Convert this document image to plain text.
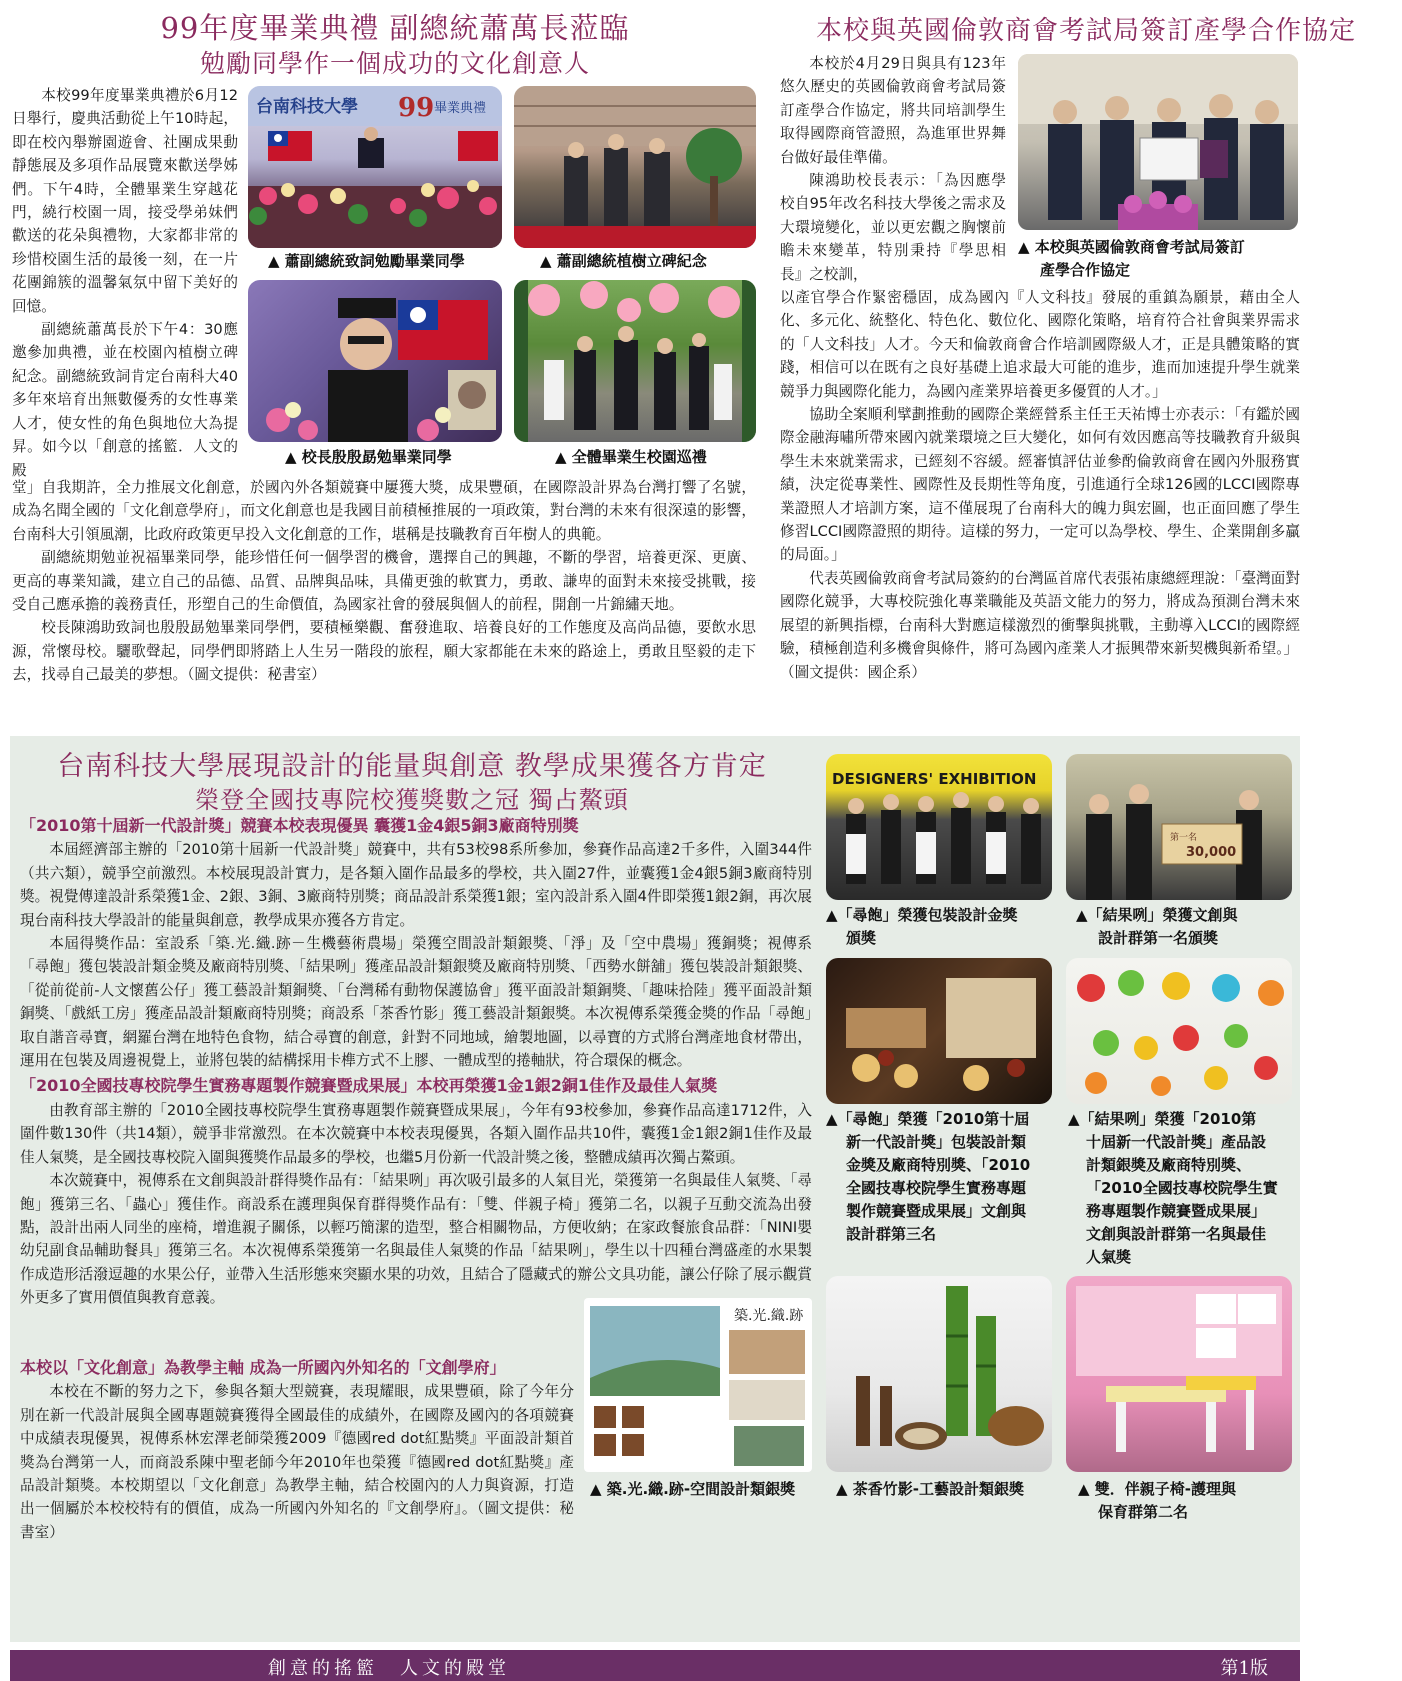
99年度畢業典禮 副總統蕭萬長蒞臨
勉勵同學作一個成功的文化創意人

本校99年度畢業典禮於6月12日舉行，慶典活動從上午10時起，即在校內舉辦園遊會、社團成果動靜態展及多項作品展覽來歡送學姊們。下午4時，全體畢業生穿越花門，繞行校園一周，接受學弟妹們歡送的花朵與禮物，大家都非常的珍惜校園生活的最後一刻，在一片花團錦簇的溫馨氣氛中留下美好的回憶。

副總統蕭萬長於下午4：30應邀參加典禮，並在校園內植樹立碑紀念。副總統致詞肯定台南科大40多年來培育出無數優秀的女性專業人才，使女性的角色與地位大為提昇。如今以「創意的搖籃．人文的殿

台南科技大學 99 畢業典禮
▲ 蕭副總統致詞勉勵畢業同學	▲ 蕭副總統植樹立碑紀念
▲ 校長殷殷勗勉畢業同學	▲ 全體畢業生校園巡禮

堂」自我期許，全力推展文化創意，於國內外各類競賽中屢獲大獎，成果豐碩，在國際設計界為台灣打響了名號，成為名聞全國的「文化創意學府」，而文化創意也是我國目前積極推展的一項政策，對台灣的未來有很深遠的影響，台南科大引領風潮，比政府政策更早投入文化創意的工作，堪稱是技職教育百年樹人的典範。

副總統期勉並祝福畢業同學，能珍惜任何一個學習的機會，選擇自己的興趣，不斷的學習，培養更深、更廣、更高的專業知識，建立自己的品德、品質、品牌與品味，具備更強的軟實力，勇敢、謙卑的面對未來接受挑戰，接受自己應承擔的義務責任，形塑自己的生命價值，為國家社會的發展與個人的前程，開創一片錦繡天地。

校長陳鴻助致詞也殷殷勗勉畢業同學們，要積極樂觀、奮發進取、培養良好的工作態度及高尚品德，要飲水思源，常懷母校。驪歌聲起，同學們即將踏上人生另一階段的旅程，願大家都能在未來的路途上，勇敢且堅毅的走下去，找尋自己最美的夢想。（圖文提供：秘書室）

本校與英國倫敦商會考試局簽訂產學合作協定

本校於4月29日與具有123年悠久歷史的英國倫敦商會考試局簽訂產學合作協定，將共同培訓學生取得國際商管證照，為進軍世界舞台做好最佳準備。

陳鴻助校長表示：「為因應學校自95年改名科技大學後之需求及大環境變化，並以更宏觀之胸懷前瞻未來變革，特別秉持『學思相長』之校訓，

▲ 本校與英國倫敦商會考試局簽訂
產學合作協定

以產官學合作緊密穩固，成為國內『人文科技』發展的重鎮為願景，藉由全人化、多元化、統整化、特色化、數位化、國際化策略，培育符合社會與業界需求的「人文科技」人才。今天和倫敦商會合作培訓國際級人才，正是具體策略的實踐，相信可以在既有之良好基礎上追求最大可能的進步，進而加速提升學生就業競爭力與國際化能力，為國內產業界培養更多優質的人才。」

協助全案順利擘劃推動的國際企業經營系主任王天祐博士亦表示：「有鑑於國際金融海嘯所帶來國內就業環境之巨大變化，如何有效因應高等技職教育升級與學生未來就業需求，已經刻不容緩。經審慎評估並參酌倫敦商會在國內外服務實績，決定從專業性、國際性及長期性等角度，引進通行全球126國的LCCI國際專業證照人才培訓方案，這不僅展現了台南科大的魄力與宏圖，也正面回應了學生修習LCCI國際證照的期待。這樣的努力，一定可以為學校、學生、企業開創多贏的局面。」

代表英國倫敦商會考試局簽約的台灣區首席代表張祐康總經理說：「臺灣面對國際化競爭，大專校院強化專業職能及英語文能力的努力，將成為預測台灣未來展望的新興指標，台南科大對應這樣激烈的衝擊與挑戰，主動導入LCCI的國際經驗，積極創造利多機會與條件，將可為國內產業人才振興帶來新契機與新希望。」

（圖文提供：國企系）

台南科技大學展現設計的能量與創意 教學成果獲各方肯定
榮登全國技專院校獲獎數之冠 獨占鰲頭
「2010第十屆新一代設計獎」競賽本校表現優異 囊獲1金4銀5銅3廠商特別獎

本屆經濟部主辦的「2010第十屆新一代設計獎」競賽中，共有53校98系所參加，參賽作品高達2千多件，入圍344件（共六類），競爭空前激烈。本校展現設計實力，是各類入圍作品最多的學校，共入圍27件，並囊獲1金4銀5銅3廠商特別獎。視覺傳達設計系榮獲1金、2銀、3銅、3廠商特別獎；商品設計系榮獲1銀；室內設計系入圍4件即榮獲1銀2銅，再次展現台南科技大學設計的能量與創意，教學成果亦獲各方肯定。

本屆得獎作品：室設系「築.光.織.跡－生機藝術農場」榮獲空間設計類銀獎、「淨」及「空中農場」獲銅獎；視傳系「尋飽」獲包裝設計類金獎及廠商特別獎、「結果咧」獲產品設計類銀獎及廠商特別獎、「西勢水餅舖」獲包裝設計類銀獎、「從前從前-人文懷舊公仔」獲工藝設計類銅獎、「台灣稀有動物保護協會」獲平面設計類銅獎、「趣味拾陸」獲平面設計類銅獎、「戲紙工房」獲產品設計類廠商特別獎；商設系「茶香竹影」獲工藝設計類銀獎。本次視傳系榮獲金獎的作品「尋飽」取自諧音尋寶，網羅台灣在地特色食物，結合尋寶的創意，針對不同地域，繪製地圖，以尋寶的方式將台灣產地食材帶出，運用在包裝及周邊視覺上，並將包裝的結構採用卡榫方式不上膠、一體成型的捲軸狀，符合環保的概念。

「2010全國技專校院學生實務專題製作競賽暨成果展」本校再榮獲1金1銀2銅1佳作及最佳人氣獎

由教育部主辦的「2010全國技專校院學生實務專題製作競賽暨成果展」，今年有93校參加，參賽作品高達1712件，入圍件數130件（共14類），競爭非常激烈。在本次競賽中本校表現優異，各類入圍作品共10件，囊獲1金1銀2銅1佳作及最佳人氣獎，是全國技專校院入圍與獲獎作品最多的學校，也繼5月份新一代設計獎之後，整體成績再次獨占鰲頭。

本次競賽中，視傳系在文創與設計群得獎作品有：「結果咧」再次吸引最多的人氣目光，榮獲第一名與最佳人氣獎、「尋飽」獲第三名、「蟲心」獲佳作。商設系在護理與保育群得獎作品有：「雙、伴親子椅」獲第二名，以親子互動交流為出發點，設計出兩人同坐的座椅，增進親子關係，以輕巧簡潔的造型，整合相關物品，方便收納；在家政餐旅食品群：「NINI嬰幼兒副食品輔助餐具」獲第三名。本次視傳系榮獲第一名與最佳人氣獎的作品「結果咧」，學生以十四種台灣盛產的水果製作成造形活潑逗趣的水果公仔，並帶入生活形態來突顯水果的功效，且結合了隱藏式的辦公文具功能，讓公仔除了展示觀賞外更多了實用價值與教育意義。

本校以「文化創意」為教學主軸 成為一所國內外知名的「文創學府」

本校在不斷的努力之下，參與各類大型競賽，表現耀眼，成果豐碩，除了今年分別在新一代設計展與全國專題競賽獲得全國最佳的成績外，在國際及國內的各項競賽中成績表現優異，視傳系林宏澤老師榮獲2009『德國red dot紅點獎』平面設計類首獎為台灣第一人，而商設系陳中聖老師今年2010年也榮獲『德國red dot紅點獎』產品設計類獎。本校期望以「文化創意」為教學主軸，結合校園內的人力與資源，打造出一個屬於本校校特有的價值，成為一所國內外知名的『文創學府』。（圖文提供：秘書室）

DESIGNERS' EXHIBITION
第一名
30,000
▲「尋飽」榮獲包裝設計金獎
頒獎
▲「結果咧」榮獲文創與
設計群第一名頒獎
▲「尋飽」榮獲「2010第十屆
新一代設計獎」包裝設計類
金獎及廠商特別獎、「2010
全國技專校院學生實務專題
製作競賽暨成果展」文創與
設計群第三名
▲「結果咧」榮獲「2010第
十屆新一代設計獎」產品設
計類銀獎及廠商特別獎、
「2010全國技專校院學生實
務專題製作競賽暨成果展」
文創與設計群第一名與最佳
人氣獎
築.光.織.跡
▲ 築.光.織.跡-空間設計類銀獎	▲ 茶香竹影-工藝設計類銀獎	▲ 雙．伴親子椅-護理與
保育群第二名
創意的搖籃　人文的殿堂	第1版
